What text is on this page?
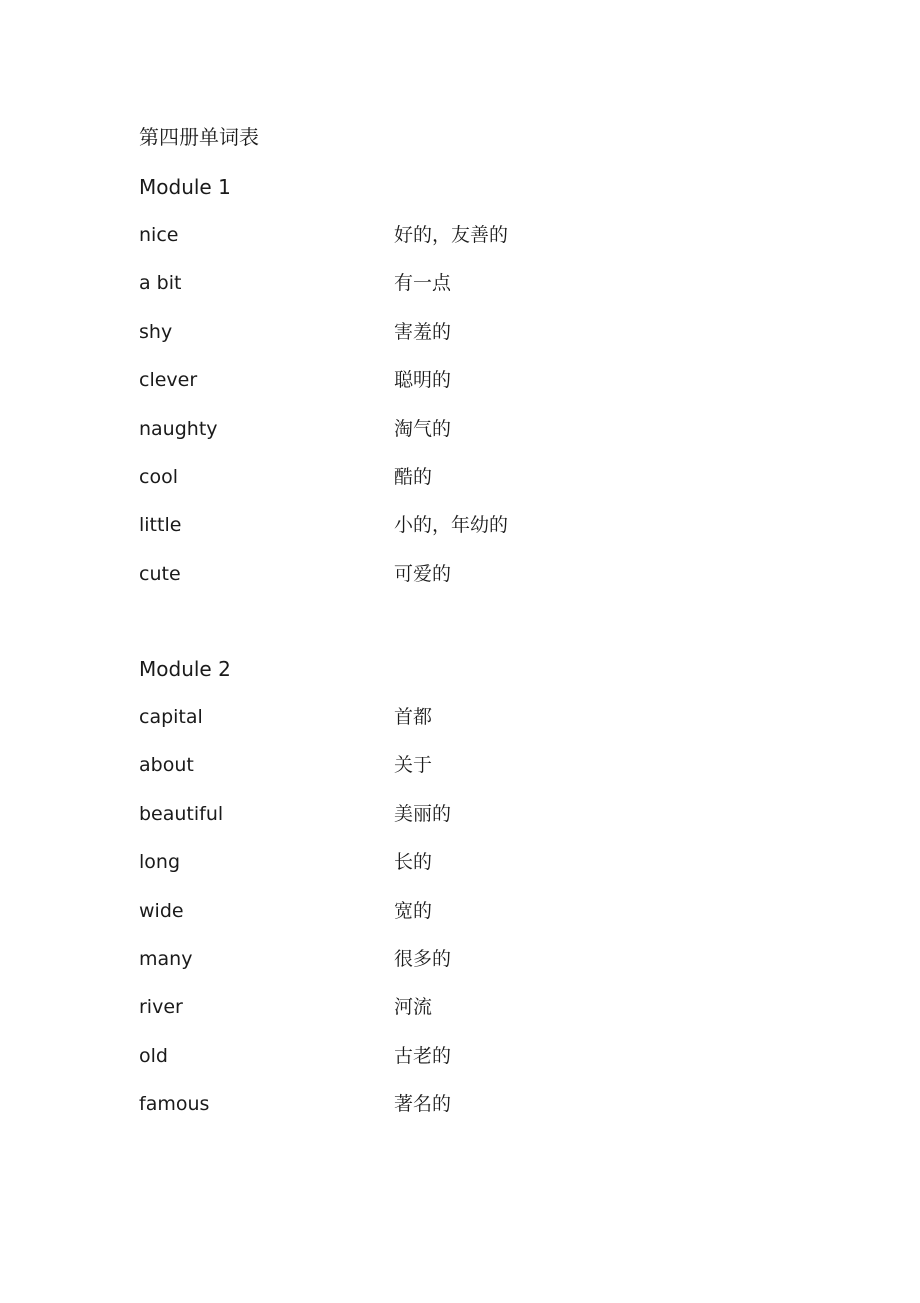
第四册单词表
Module 1
nice	好的，友善的
a bit	有一点
shy	害羞的
clever	聪明的
naughty	淘气的
cool	酷的
little	小的，年幼的
cute	可爱的
Module 2
capital	首都
about	关于
beautiful	美丽的
long	长的
wide	宽的
many	很多的
river	河流
old	古老的
famous	著名的
